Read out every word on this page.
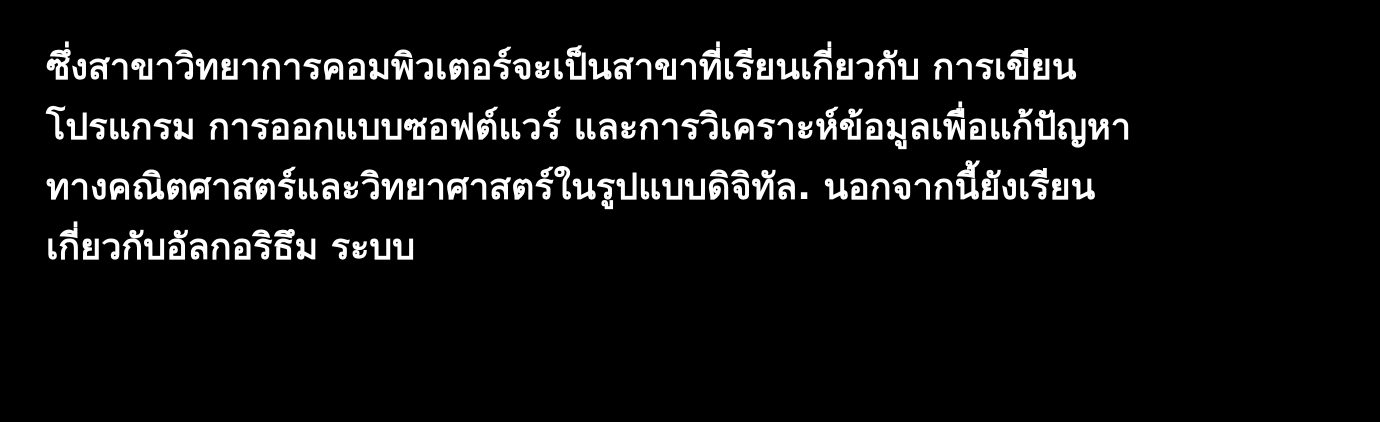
ซึ่งสาขาวิทยาการคอมพิวเตอร์จะเป็นสาขาที่เรียนเกี่ยวกับ การเขียน
โปรแกรม การออกแบบซอฟต์แวร์ และการวิเคราะห์ข้อมูลเพื่อแก้ปัญหา
ทางคณิตศาสตร์และวิทยาศาสตร์ในรูปแบบดิจิทัล. นอกจากนี้ยังเรียน
เกี่ยวกับอัลกอริธึม ระบบ
